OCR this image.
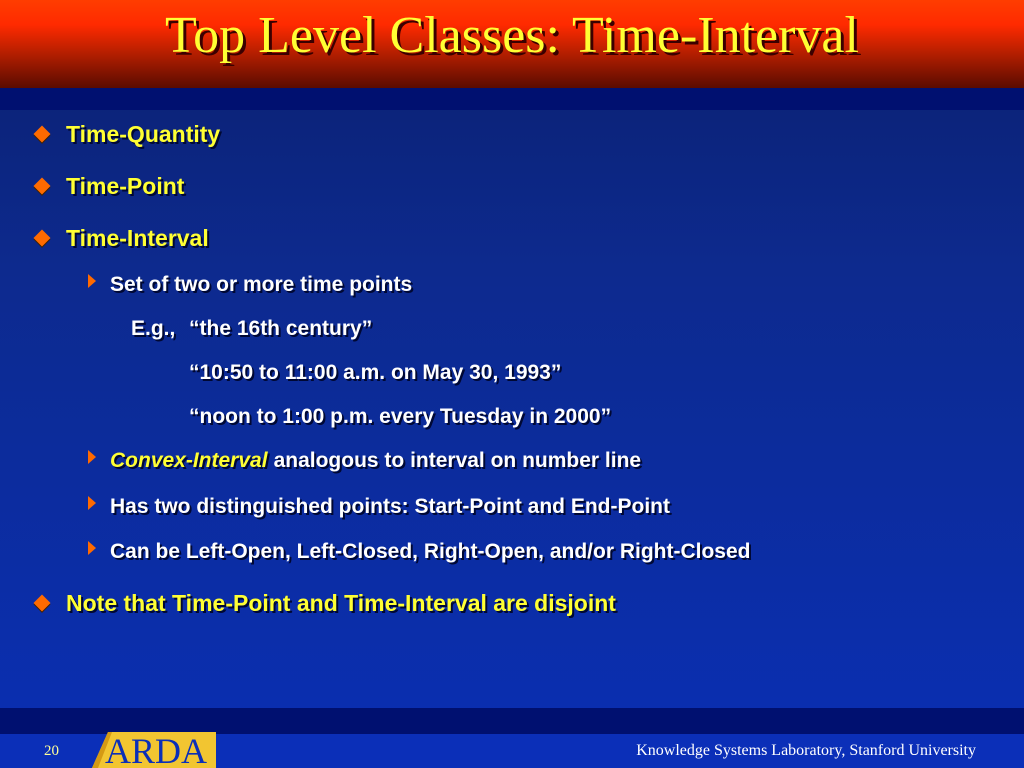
Top Level Classes: Time-Interval
Time-Quantity
Time-Point
Time-Interval
Set of two or more time points
E.g., “the 16th century”
“10:50 to 11:00 a.m. on May 30, 1993”
“noon to 1:00 p.m. every Tuesday in 2000”
Convex-Interval analogous to interval on number line
Has two distinguished points: Start-Point and End-Point
Can be Left-Open, Left-Closed, Right-Open, and/or Right-Closed
Note that Time-Point and Time-Interval are disjoint
20 ARDA	Knowledge Systems Laboratory, Stanford University
